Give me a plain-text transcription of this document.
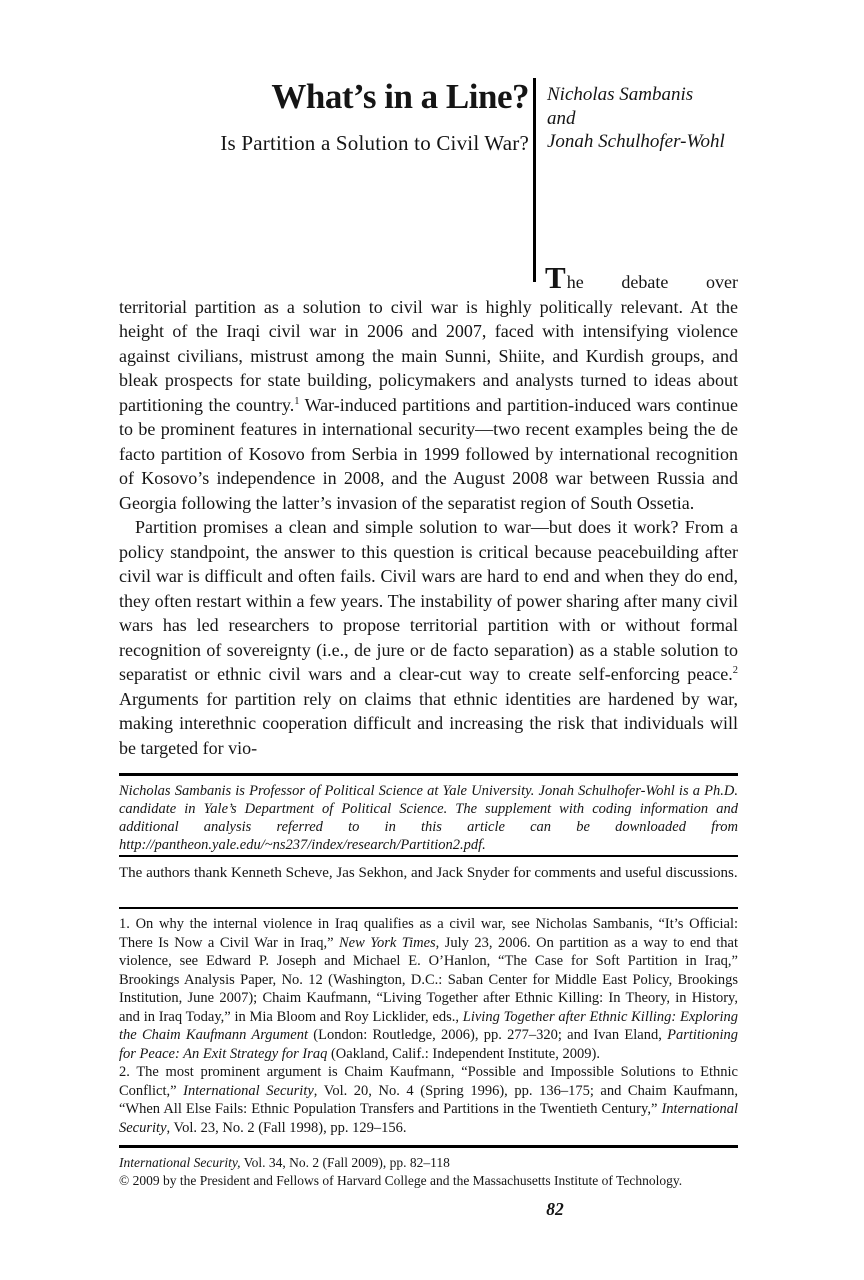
What’s in a Line?
Is Partition a Solution to Civil War?
Nicholas Sambanis
and
Jonah Schulhofer-Wohl

The debate over territorial partition as a solution to civil war is highly politically relevant. At the height of the Iraqi civil war in 2006 and 2007, faced with intensifying violence against civilians, mistrust among the main Sunni, Shiite, and Kurdish groups, and bleak prospects for state building, policymakers and analysts turned to ideas about partitioning the country.$^1$ War-induced partitions and partition-induced wars continue to be prominent features in international security—two recent examples being the de facto partition of Kosovo from Serbia in 1999 followed by international recognition of Kosovo’s independence in 2008, and the August 2008 war between Russia and Georgia following the latter’s invasion of the separatist region of South Ossetia.

Partition promises a clean and simple solution to war—but does it work? From a policy standpoint, the answer to this question is critical because peacebuilding after civil war is difficult and often fails. Civil wars are hard to end and when they do end, they often restart within a few years. The instability of power sharing after many civil wars has led researchers to propose territorial partition with or without formal recognition of sovereignty (i.e., de jure or de facto separation) as a stable solution to separatist or ethnic civil wars and a clear-cut way to create self-enforcing peace.$^2$ Arguments for partition rely on claims that ethnic identities are hardened by war, making interethnic cooperation difficult and increasing the risk that individuals will be targeted for vio-

Nicholas Sambanis is Professor of Political Science at Yale University. Jonah Schulhofer-Wohl is a Ph.D. candidate in Yale’s Department of Political Science. The supplement with coding information and additional analysis referred to in this article can be downloaded from http://pantheon.yale.edu/~ns237/index/research/Partition2.pdf.
The authors thank Kenneth Scheve, Jas Sekhon, and Jack Snyder for comments and useful discussions.

1. On why the internal violence in Iraq qualifies as a civil war, see Nicholas Sambanis, “It’s Official: There Is Now a Civil War in Iraq,” New York Times, July 23, 2006. On partition as a way to end that violence, see Edward P. Joseph and Michael E. O’Hanlon, “The Case for Soft Partition in Iraq,” Brookings Analysis Paper, No. 12 (Washington, D.C.: Saban Center for Middle East Policy, Brookings Institution, June 2007); Chaim Kaufmann, “Living Together after Ethnic Killing: In Theory, in History, and in Iraq Today,” in Mia Bloom and Roy Licklider, eds., Living Together after Ethnic Killing: Exploring the Chaim Kaufmann Argument (London: Routledge, 2006), pp. 277–320; and Ivan Eland, Partitioning for Peace: An Exit Strategy for Iraq (Oakland, Calif.: Independent Institute, 2009).

2. The most prominent argument is Chaim Kaufmann, “Possible and Impossible Solutions to Ethnic Conflict,” International Security, Vol. 20, No. 4 (Spring 1996), pp. 136–175; and Chaim Kaufmann, “When All Else Fails: Ethnic Population Transfers and Partitions in the Twentieth Century,” International Security, Vol. 23, No. 2 (Fall 1998), pp. 129–156.

International Security, Vol. 34, No. 2 (Fall 2009), pp. 82–118
© 2009 by the President and Fellows of Harvard College and the Massachusetts Institute of Technology.
82
